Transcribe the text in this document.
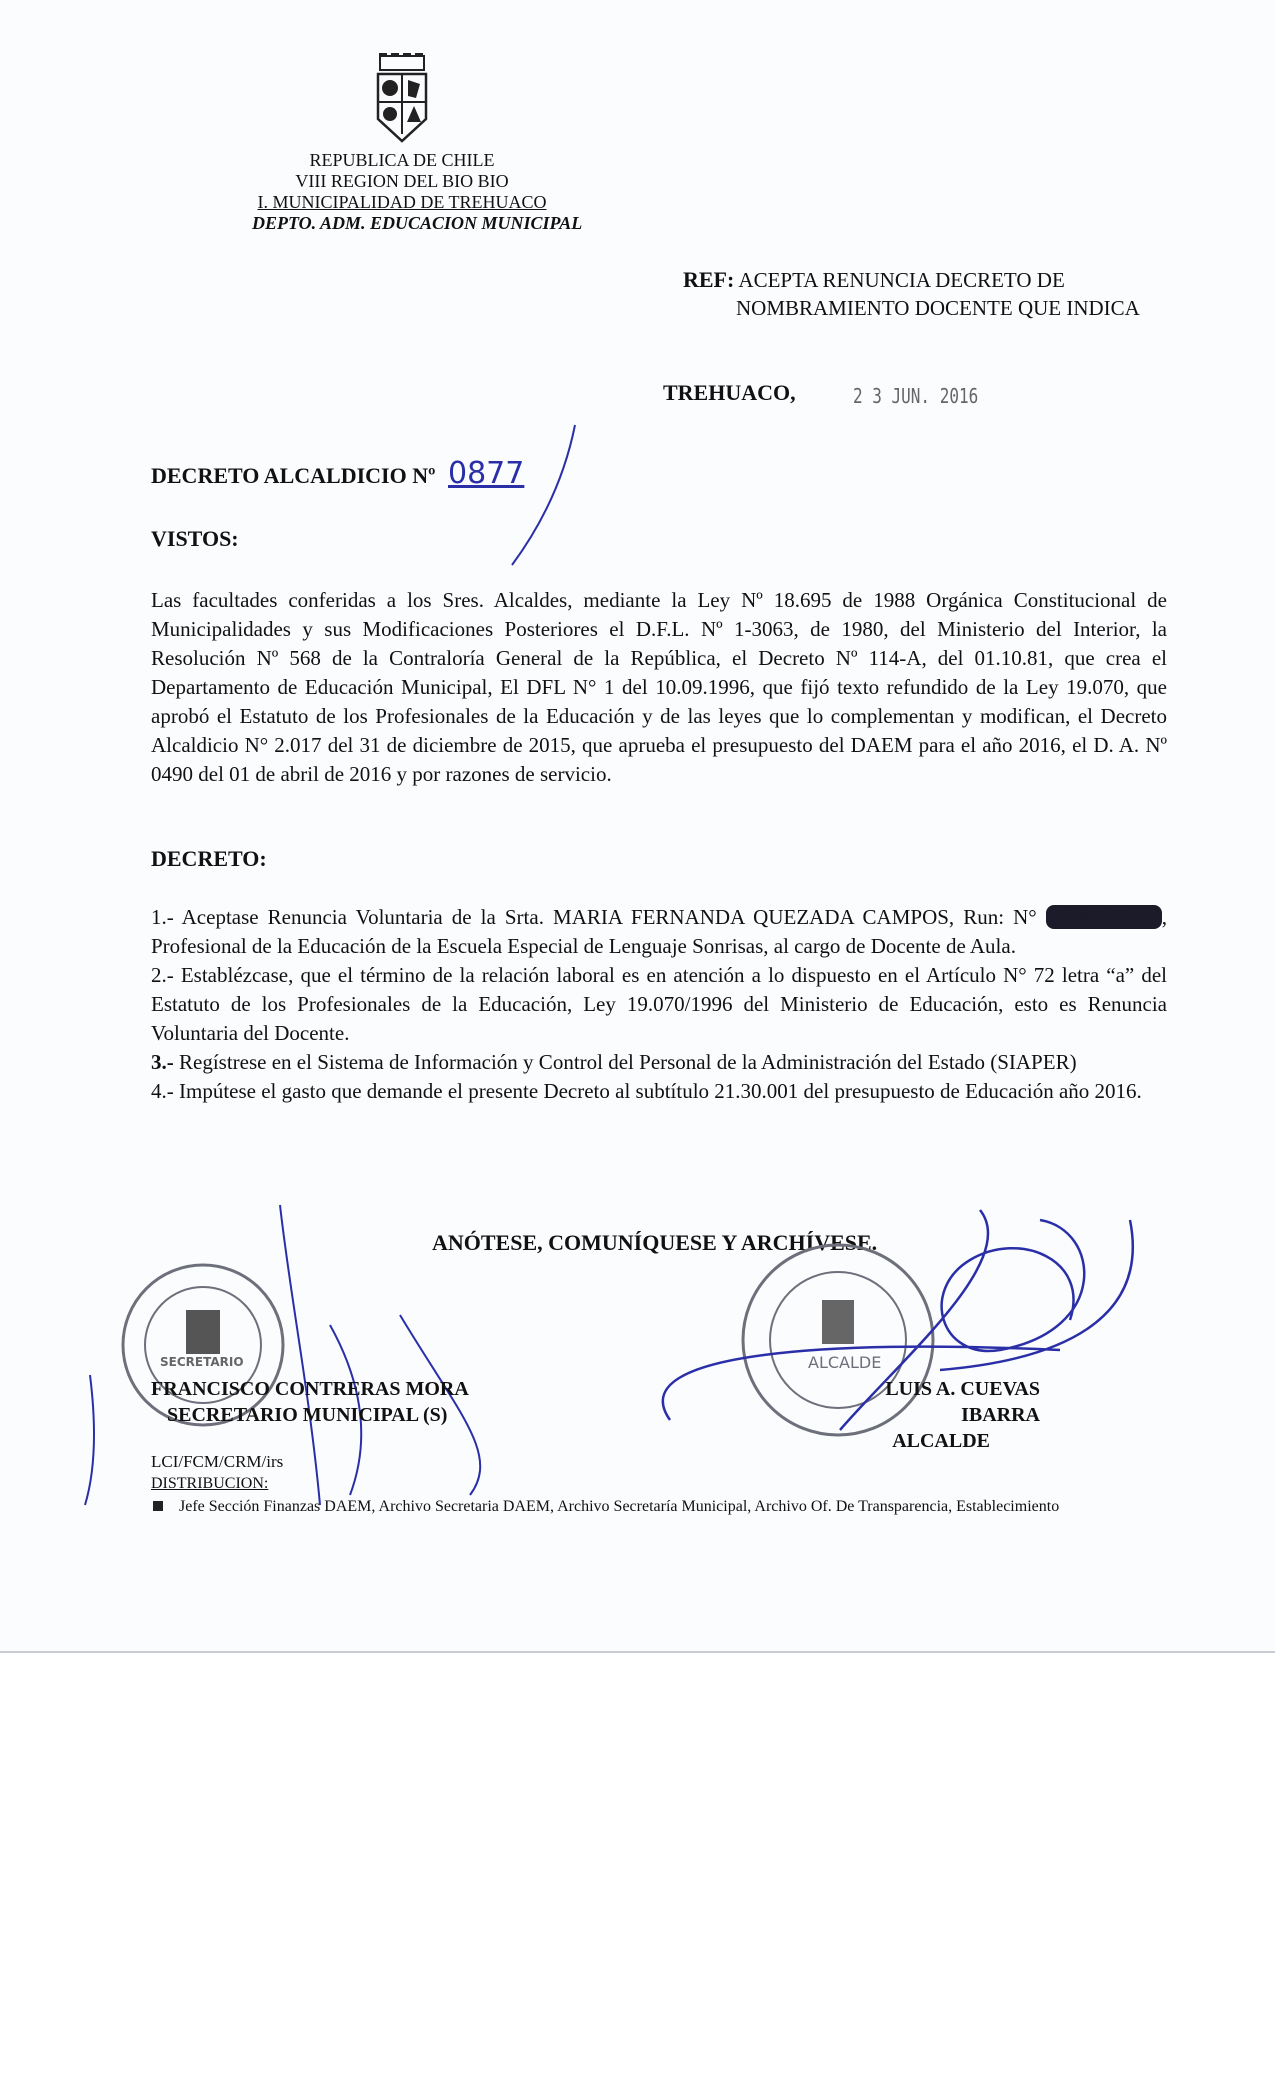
REPUBLICA DE CHILE
VIII REGION DEL BIO BIO
I. MUNICIPALIDAD DE TREHUACO
DEPTO. ADM. EDUCACION MUNICIPAL
REF: ACEPTA RENUNCIA DECRETO DE
NOMBRAMIENTO DOCENTE QUE INDICA
TREHUACO,	2 3 JUN. 2016
DECRETO ALCALDICIO Nº 0877
VISTOS:
Las facultades conferidas a los Sres. Alcaldes, mediante la Ley Nº 18.695 de 1988 Orgánica Constitucional de Municipalidades y sus Modificaciones Posteriores el D.F.L. Nº 1-3063, de 1980, del Ministerio del Interior, la Resolución Nº 568 de la Contraloría General de la República, el Decreto Nº 114-A, del 01.10.81, que crea el Departamento de Educación Municipal, El DFL N° 1 del 10.09.1996, que fijó texto refundido de la Ley 19.070, que aprobó el Estatuto de los Profesionales de la Educación y de las leyes que lo complementan y modifican, el Decreto Alcaldicio N° 2.017 del 31 de diciembre de 2015, que aprueba el presupuesto del DAEM para el año 2016, el D. A. Nº 0490 del 01 de abril de 2016 y por razones de servicio.
DECRETO:

1.- Aceptase Renuncia Voluntaria de la Srta. MARIA FERNANDA QUEZADA CAMPOS, Run: N° 18.490.624-4, Profesional de la Educación de la Escuela Especial de Lenguaje Sonrisas, al cargo de Docente de Aula.

2.- Establézcase, que el término de la relación laboral es en atención a lo dispuesto en el Artículo N° 72 letra “a” del Estatuto de los Profesionales de la Educación, Ley 19.070/1996 del Ministerio de Educación, esto es Renuncia Voluntaria del Docente.

3.- Regístrese en el Sistema de Información y Control del Personal de la Administración del Estado (SIAPER)

4.- Impútese el gasto que demande el presente Decreto al subtítulo 21.30.001 del presupuesto de Educación año 2016.

ANÓTESE, COMUNÍQUESE Y ARCHÍVESE.
SECRETARIO	ALCALDE
FRANCISCO CONTRERAS MORA
SECRETARIO MUNICIPAL (S)
LUIS A. CUEVAS IBARRA
ALCALDE
LCI/FCM/CRM/irs
DISTRIBUCION:
Jefe Sección Finanzas DAEM, Archivo Secretaria DAEM, Archivo Secretaría Municipal, Archivo Of. De Transparencia, Establecimiento
